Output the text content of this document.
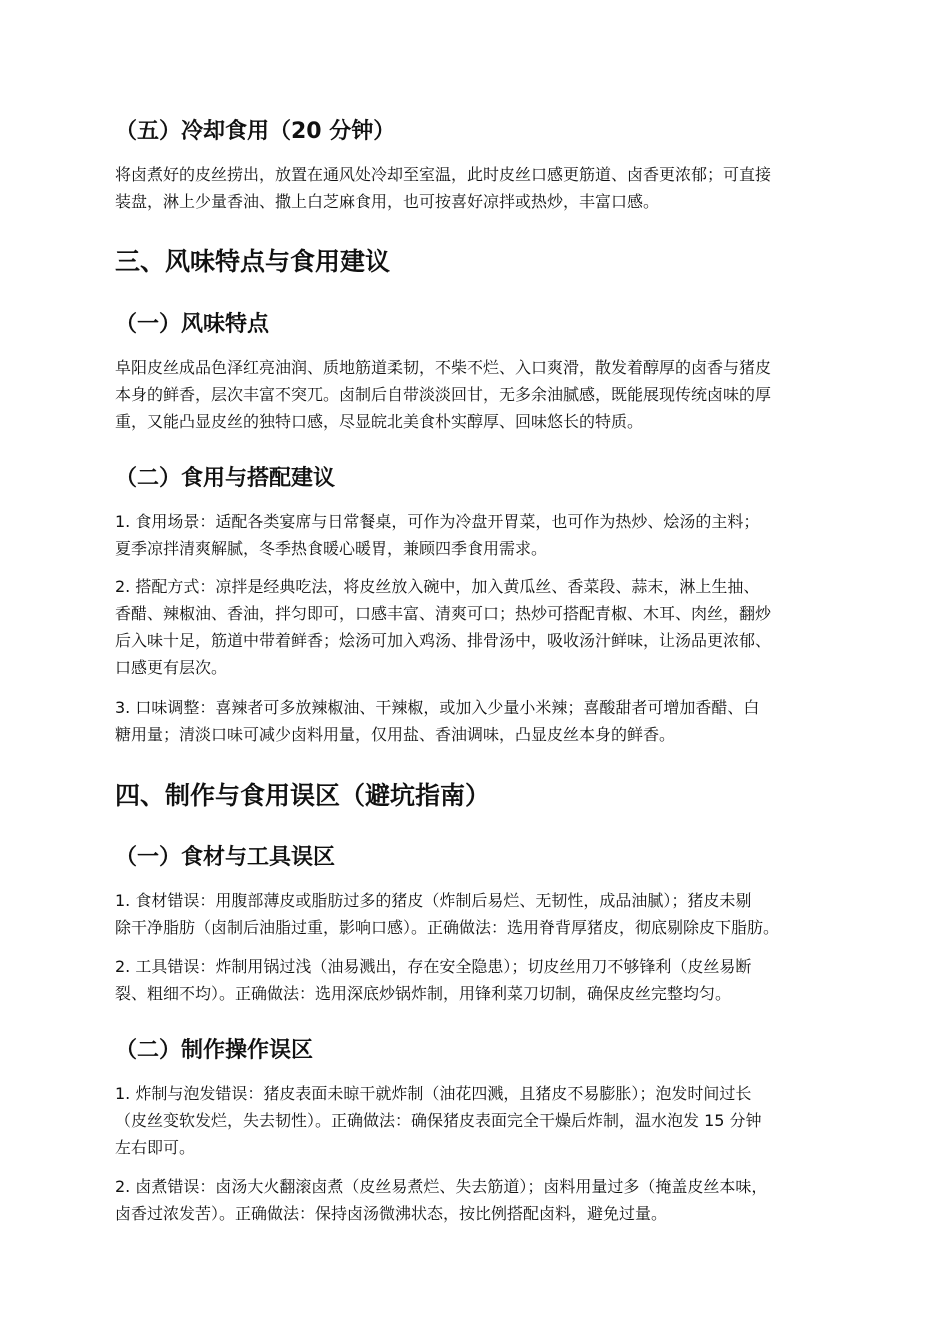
（五）冷却食用（20 分钟）
将卤煮好的皮丝捞出，放置在通风处冷却至室温，此时皮丝口感更筋道、卤香更浓郁；可直接
装盘，淋上少量香油、撒上白芝麻食用，也可按喜好凉拌或热炒，丰富口感。
三、风味特点与食用建议
（一）风味特点
阜阳皮丝成品色泽红亮油润、质地筋道柔韧，不柴不烂、入口爽滑，散发着醇厚的卤香与猪皮
本身的鲜香，层次丰富不突兀。卤制后自带淡淡回甘，无多余油腻感，既能展现传统卤味的厚
重，又能凸显皮丝的独特口感，尽显皖北美食朴实醇厚、回味悠长的特质。
（二）食用与搭配建议
1. 食用场景：适配各类宴席与日常餐桌，可作为冷盘开胃菜，也可作为热炒、烩汤的主料；
夏季凉拌清爽解腻，冬季热食暖心暖胃，兼顾四季食用需求。
2. 搭配方式：凉拌是经典吃法，将皮丝放入碗中，加入黄瓜丝、香菜段、蒜末，淋上生抽、
香醋、辣椒油、香油，拌匀即可，口感丰富、清爽可口；热炒可搭配青椒、木耳、肉丝，翻炒
后入味十足，筋道中带着鲜香；烩汤可加入鸡汤、排骨汤中，吸收汤汁鲜味，让汤品更浓郁、
口感更有层次。
3. 口味调整：喜辣者可多放辣椒油、干辣椒，或加入少量小米辣；喜酸甜者可增加香醋、白
糖用量；清淡口味可减少卤料用量，仅用盐、香油调味，凸显皮丝本身的鲜香。
四、制作与食用误区（避坑指南）
（一）食材与工具误区
1. 食材错误：用腹部薄皮或脂肪过多的猪皮（炸制后易烂、无韧性，成品油腻）；猪皮未剔
除干净脂肪（卤制后油脂过重，影响口感）。正确做法：选用脊背厚猪皮，彻底剔除皮下脂肪。
2. 工具错误：炸制用锅过浅（油易溅出，存在安全隐患）；切皮丝用刀不够锋利（皮丝易断
裂、粗细不均）。正确做法：选用深底炒锅炸制，用锋利菜刀切制，确保皮丝完整均匀。
（二）制作操作误区
1. 炸制与泡发错误：猪皮表面未晾干就炸制（油花四溅，且猪皮不易膨胀）；泡发时间过长
（皮丝变软发烂，失去韧性）。正确做法：确保猪皮表面完全干燥后炸制，温水泡发 15 分钟
左右即可。
2. 卤煮错误：卤汤大火翻滚卤煮（皮丝易煮烂、失去筋道）；卤料用量过多（掩盖皮丝本味，
卤香过浓发苦）。正确做法：保持卤汤微沸状态，按比例搭配卤料，避免过量。
